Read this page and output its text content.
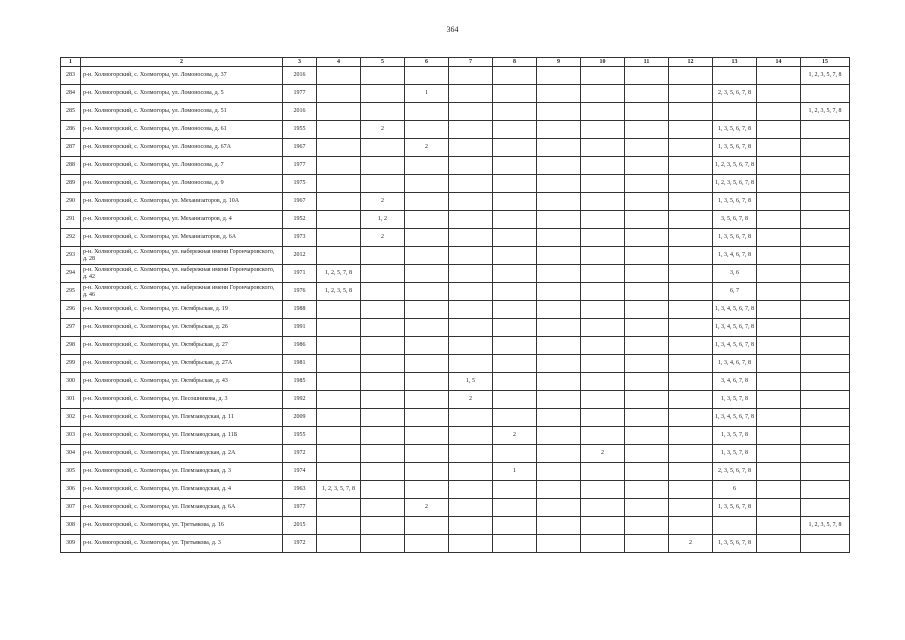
364
1	2	3	4	5	6	7	8	9	10	11	12	13	14	15
283	р-н. Холмогорский, с. Холмогоры, ул. Ломоносова, д. 37	2016												1, 2, 3, 5, 7, 8
284	р-н. Холмогорский, с. Холмогоры, ул. Ломоносова, д. 5	1977			1							2, 3, 5, 6, 7, 8		
285	р-н. Холмогорский, с. Холмогоры, ул. Ломоносова, д. 51	2016												1, 2, 3, 5, 7, 8
286	р-н. Холмогорский, с. Холмогоры, ул. Ломоносова, д. 61	1955		2								1, 3, 5, 6, 7, 8		
287	р-н. Холмогорский, с. Холмогоры, ул. Ломоносова, д. 67А	1967			2							1, 3, 5, 6, 7, 8		
288	р-н. Холмогорский, с. Холмогоры, ул. Ломоносова, д. 7	1977										1, 2, 3, 5, 6, 7, 8		
289	р-н. Холмогорский, с. Холмогоры, ул. Ломоносова, д. 9	1975										1, 2, 3, 5, 6, 7, 8		
290	р-н. Холмогорский, с. Холмогоры, ул. Механизаторов, д. 10А	1967		2								1, 3, 5, 6, 7, 8		
291	р-н. Холмогорский, с. Холмогоры, ул. Механизаторов, д. 4	1952		1, 2								3, 5, 6, 7, 8		
292	р-н. Холмогорский, с. Холмогоры, ул. Механизаторов, д. 6А	1973		2								1, 3, 5, 6, 7, 8		
293	р-н. Холмогорский, с. Холмогоры, ул. набережная имени Горончаровского, д. 28	2012										1, 3, 4, 6, 7, 8		
294	р-н. Холмогорский, с. Холмогоры, ул. набережная имени Горончаровского, д. 42	1971	1, 2, 5, 7, 8									3, 6		
295	р-н. Холмогорский, с. Холмогоры, ул. набережная имени Горончаровского, д. 46	1976	1, 2, 3, 5, 8									6, 7		
296	р-н. Холмогорский, с. Холмогоры, ул. Октябрьская, д. 19	1988										1, 3, 4, 5, 6, 7, 8		
297	р-н. Холмогорский, с. Холмогоры, ул. Октябрьская, д. 26	1991										1, 3, 4, 5, 6, 7, 8		
298	р-н. Холмогорский, с. Холмогоры, ул. Октябрьская, д. 27	1986										1, 3, 4, 5, 6, 7, 8		
299	р-н. Холмогорский, с. Холмогоры, ул. Октябрьская, д. 27А	1981										1, 3, 4, 6, 7, 8		
300	р-н. Холмогорский, с. Холмогоры, ул. Октябрьская, д. 43	1985				1, 5						3, 4, 6, 7, 8		
301	р-н. Холмогорский, с. Холмогоры, ул. Песошникова, д. 3	1992				2						1, 3, 5, 7, 8		
302	р-н. Холмогорский, с. Холмогоры, ул. Племзаводская, д. 11	2009										1, 3, 4, 5, 6, 7, 8		
303	р-н. Холмогорский, с. Холмогоры, ул. Племзаводская, д. 11Б	1955					2					1, 3, 5, 7, 8		
304	р-н. Холмогорский, с. Холмогоры, ул. Племзаводская, д. 2А	1972							2			1, 3, 5, 7, 8		
305	р-н. Холмогорский, с. Холмогоры, ул. Племзаводская, д. 3	1974					1					2, 3, 5, 6, 7, 8		
306	р-н. Холмогорский, с. Холмогоры, ул. Племзаводская, д. 4	1963	1, 2, 3, 5, 7, 8									6		
307	р-н. Холмогорский, с. Холмогоры, ул. Племзаводская, д. 6А	1977			2							1, 3, 5, 6, 7, 8		
308	р-н. Холмогорский, с. Холмогоры, ул. Третьякова, д. 16	2015												1, 2, 3, 5, 7, 8
309	р-н. Холмогорский, с. Холмогоры, ул. Третьякова, д. 3	1972									2	1, 3, 5, 6, 7, 8		
